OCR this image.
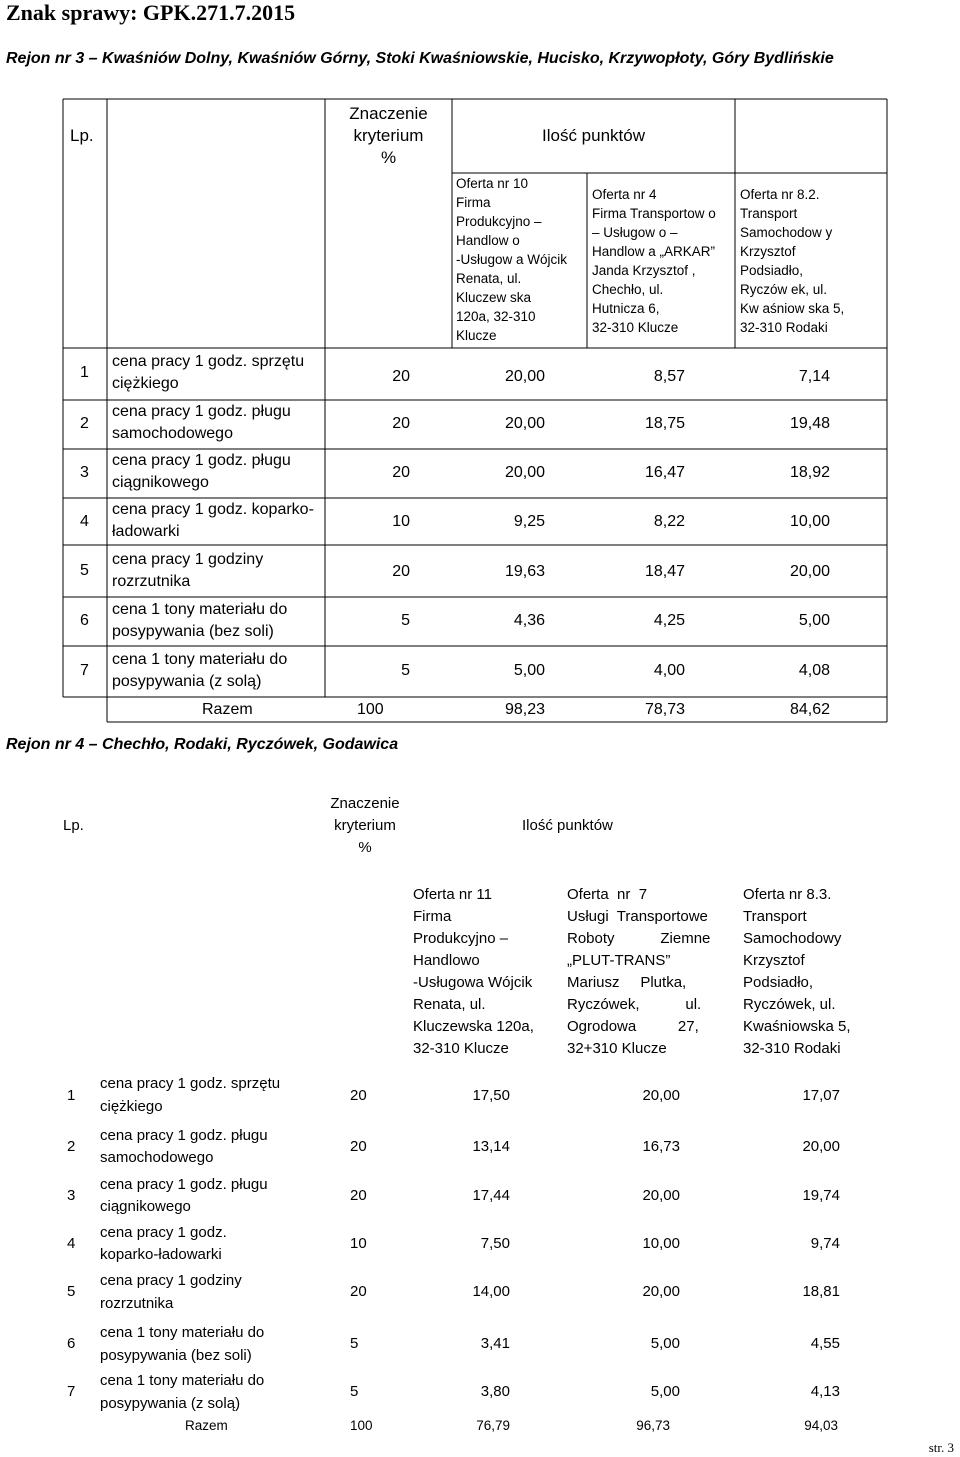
Znak sprawy: GPK.271.7.2015
Rejon nr 3 – Kwaśniów Dolny, Kwaśniów Górny, Stoki Kwaśniowskie, Hucisko, Krzywopłoty, Góry Bydlińskie
Lp.
Znaczenie
kryterium
%
Ilość punktów
Oferta nr 10
Firma
Produkcyjno –
Handlow o
-Usługow a Wójcik
Renata, ul.
Kluczew ska
120a, 32-310
Klucze
Oferta nr 4
Firma Transportow o
– Usługow o –
Handlow a „ARKAR”
Janda Krzysztof ,
Chechło, ul.
Hutnicza 6,
32-310 Klucze
Oferta nr 8.2.
Transport
Samochodow y
Krzysztof
Podsiadło,
Ryczów ek, ul.
Kw aśniow ska 5,
32-310 Rodaki
1
cena pracy 1 godz. sprzętu
ciężkiego	20	20,00	8,57	7,14
2
cena pracy 1 godz. pługu
samochodowego
20	20,00	18,75	19,48
3
cena pracy 1 godz. pługu
ciągnikowego
20	20,00	16,47	18,92
4
cena pracy 1 godz. koparko-
ładowarki
10	9,25	8,22	10,00
5
cena pracy 1 godziny
rozrzutnika
20	19,63	18,47	20,00
6
cena 1 tony materiału do
posypywania (bez soli)
5	4,36	4,25	5,00
7
cena 1 tony materiału do
posypywania (z solą)
5	5,00	4,00	4,08
Razem	100	98,23	78,73	84,62
Rejon nr 4 – Chechło, Rodaki, Ryczówek, Godawica
Lp.
Znaczenie
kryterium
%
Ilość punktów
Oferta nr 11
Firma
Produkcyjno –
Handlowo
-Usługowa Wójcik
Renata, ul.
Kluczewska 120a,
32-310 Klucze
Oferta  nr  7
Usługi  Transportowe
Roboty           Ziemne
„PLUT-TRANS”
Mariusz     Plutka,
Ryczówek,           ul.
Ogrodowa          27,
32+310 Klucze
Oferta nr 8.3.
Transport
Samochodowy
Krzysztof
Podsiadło,
Ryczówek, ul.
Kwaśniowska 5,
32-310 Rodaki
1
cena pracy 1 godz. sprzętu
ciężkiego
20	17,50	20,00	17,07
2
cena pracy 1 godz. pługu
samochodowego
20	13,14	16,73	20,00
3
cena pracy 1 godz. pługu
ciągnikowego
20	17,44	20,00	19,74
4
cena pracy 1 godz.
koparko-ładowarki
10	7,50	10,00	9,74
5
cena pracy 1 godziny
rozrzutnika
20	14,00	20,00	18,81
6
cena 1 tony materiału do
posypywania (bez soli)
5	3,41	5,00	4,55
7
cena 1 tony materiału do
posypywania (z solą)
5	3,80	5,00	4,13
Razem	100	76,79	96,73	94,03
str. 3
